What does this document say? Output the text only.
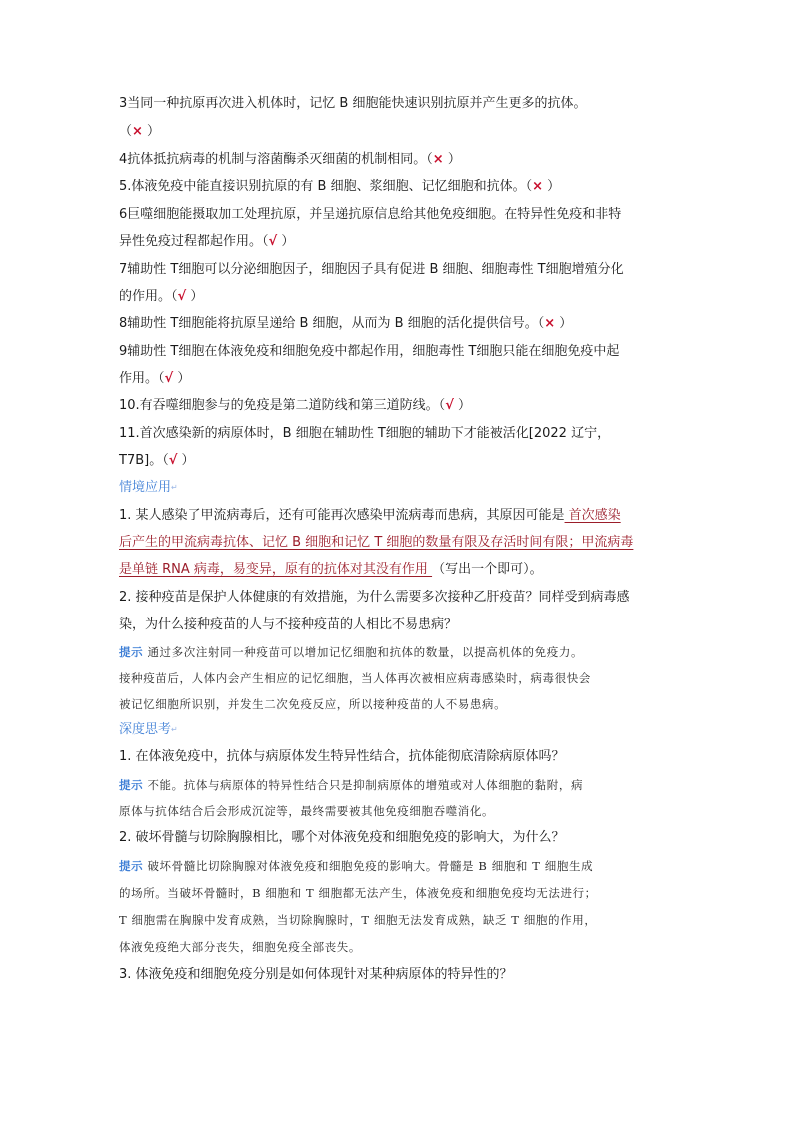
3当同一种抗原再次进入机体时，记忆 B 细胞能快速识别抗原并产生更多的抗体。
（× ）
4抗体抵抗病毒的机制与溶菌酶杀灭细菌的机制相同。（× ）
5.体液免疫中能直接识别抗原的有 B 细胞、浆细胞、记忆细胞和抗体。（× ）
6巨噬细胞能摄取加工处理抗原，并呈递抗原信息给其他免疫细胞。在特异性免疫和非特
异性免疫过程都起作用。（√ ）
7辅助性 T细胞可以分泌细胞因子，细胞因子具有促进 B 细胞、细胞毒性 T细胞增殖分化
的作用。（√ ）
8辅助性 T细胞能将抗原呈递给 B 细胞，从而为 B 细胞的活化提供信号。（× ）
9辅助性 T细胞在体液免疫和细胞免疫中都起作用，细胞毒性 T细胞只能在细胞免疫中起
作用。（√ ）
10.有吞噬细胞参与的免疫是第二道防线和第三道防线。（√ ）
11.首次感染新的病原体时，B 细胞在辅助性 T细胞的辅助下才能被活化[2022 辽宁，
T7B]。（√ ）
情境应用↵
1. 某人感染了甲流病毒后，还有可能再次感染甲流病毒而患病，其原因可能是 首次感染
后产生的甲流病毒抗体、记忆 B 细胞和记忆 T 细胞的数量有限及存活时间有限；甲流病毒
是单链 RNA 病毒，易变异，原有的抗体对其没有作用 （写出一个即可）。
2. 接种疫苗是保护人体健康的有效措施，为什么需要多次接种乙肝疫苗？同样受到病毒感
染，为什么接种疫苗的人与不接种疫苗的人相比不易患病？
提示 通过多次注射同一种疫苗可以增加记忆细胞和抗体的数量，以提高机体的免疫力。
接种疫苗后，人体内会产生相应的记忆细胞，当人体再次被相应病毒感染时，病毒很快会
被记忆细胞所识别，并发生二次免疫反应，所以接种疫苗的人不易患病。
深度思考↵
1. 在体液免疫中，抗体与病原体发生特异性结合，抗体能彻底清除病原体吗？
提示 不能。抗体与病原体的特异性结合只是抑制病原体的增殖或对人体细胞的黏附，病
原体与抗体结合后会形成沉淀等，最终需要被其他免疫细胞吞噬消化。
2. 破坏骨髓与切除胸腺相比，哪个对体液免疫和细胞免疫的影响大，为什么？
提示 破坏骨髓比切除胸腺对体液免疫和细胞免疫的影响大。骨髓是 B 细胞和 T 细胞生成
的场所。当破坏骨髓时，B 细胞和 T 细胞都无法产生，体液免疫和细胞免疫均无法进行；
T 细胞需在胸腺中发育成熟，当切除胸腺时，T 细胞无法发育成熟，缺乏 T 细胞的作用，
体液免疫绝大部分丧失，细胞免疫全部丧失。
3. 体液免疫和细胞免疫分别是如何体现针对某种病原体的特异性的？
